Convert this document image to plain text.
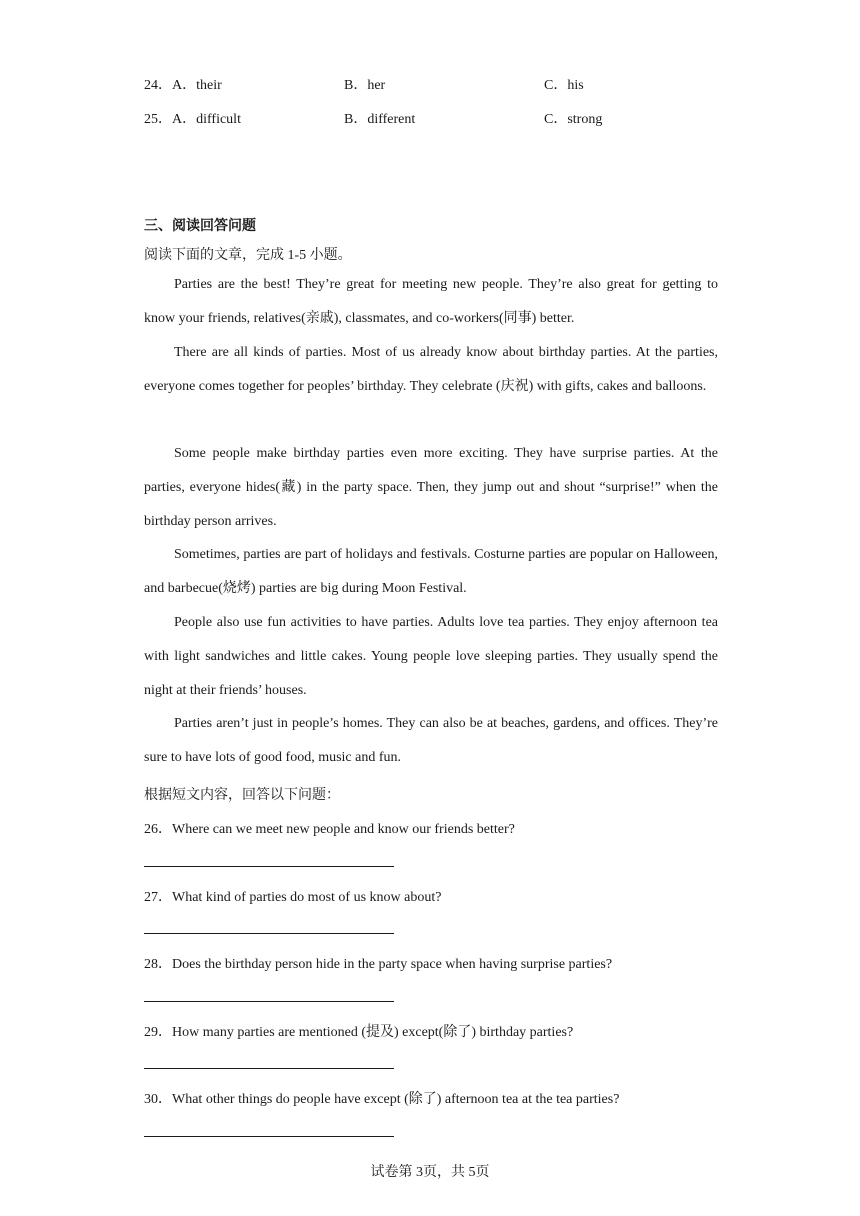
24．A．their	B．her	C．his
25．A．difficult	B．different	C．strong
三、阅读回答问题
阅读下面的文章，完成 1-5 小题。

Parties are the best! They’re great for meeting new people. They’re also great for getting to know your friends, relatives(亲戚), classmates, and co-workers(同事) better.

There are all kinds of parties. Most of us already know about birthday parties. At the parties, everyone comes together for peoples’ birthday. They celebrate (庆祝) with gifts, cakes and balloons.

Some people make birthday parties even more exciting. They have surprise parties. At the parties, everyone hides(藏) in the party space. Then, they jump out and shout “surprise!” when the birthday person arrives.

Sometimes, parties are part of holidays and festivals. Costurne parties are popular on Halloween, and barbecue(烧烤) parties are big during Moon Festival.

People also use fun activities to have parties. Adults love tea parties. They enjoy afternoon tea with light sandwiches and little cakes. Young people love sleeping parties. They usually spend the night at their friends’ houses.

Parties aren’t just in people’s homes. They can also be at beaches, gardens, and offices. They’re sure to have lots of good food, music and fun.

根据短文内容，回答以下问题：
26．Where can we meet new people and know our friends better?
27．What kind of parties do most of us know about?
28．Does the birthday person hide in the party space when having surprise parties?
29．How many parties are mentioned (提及) except(除了) birthday parties?
30．What other things do people have except (除了) afternoon tea at the tea parties?
试卷第 3页，共 5页
